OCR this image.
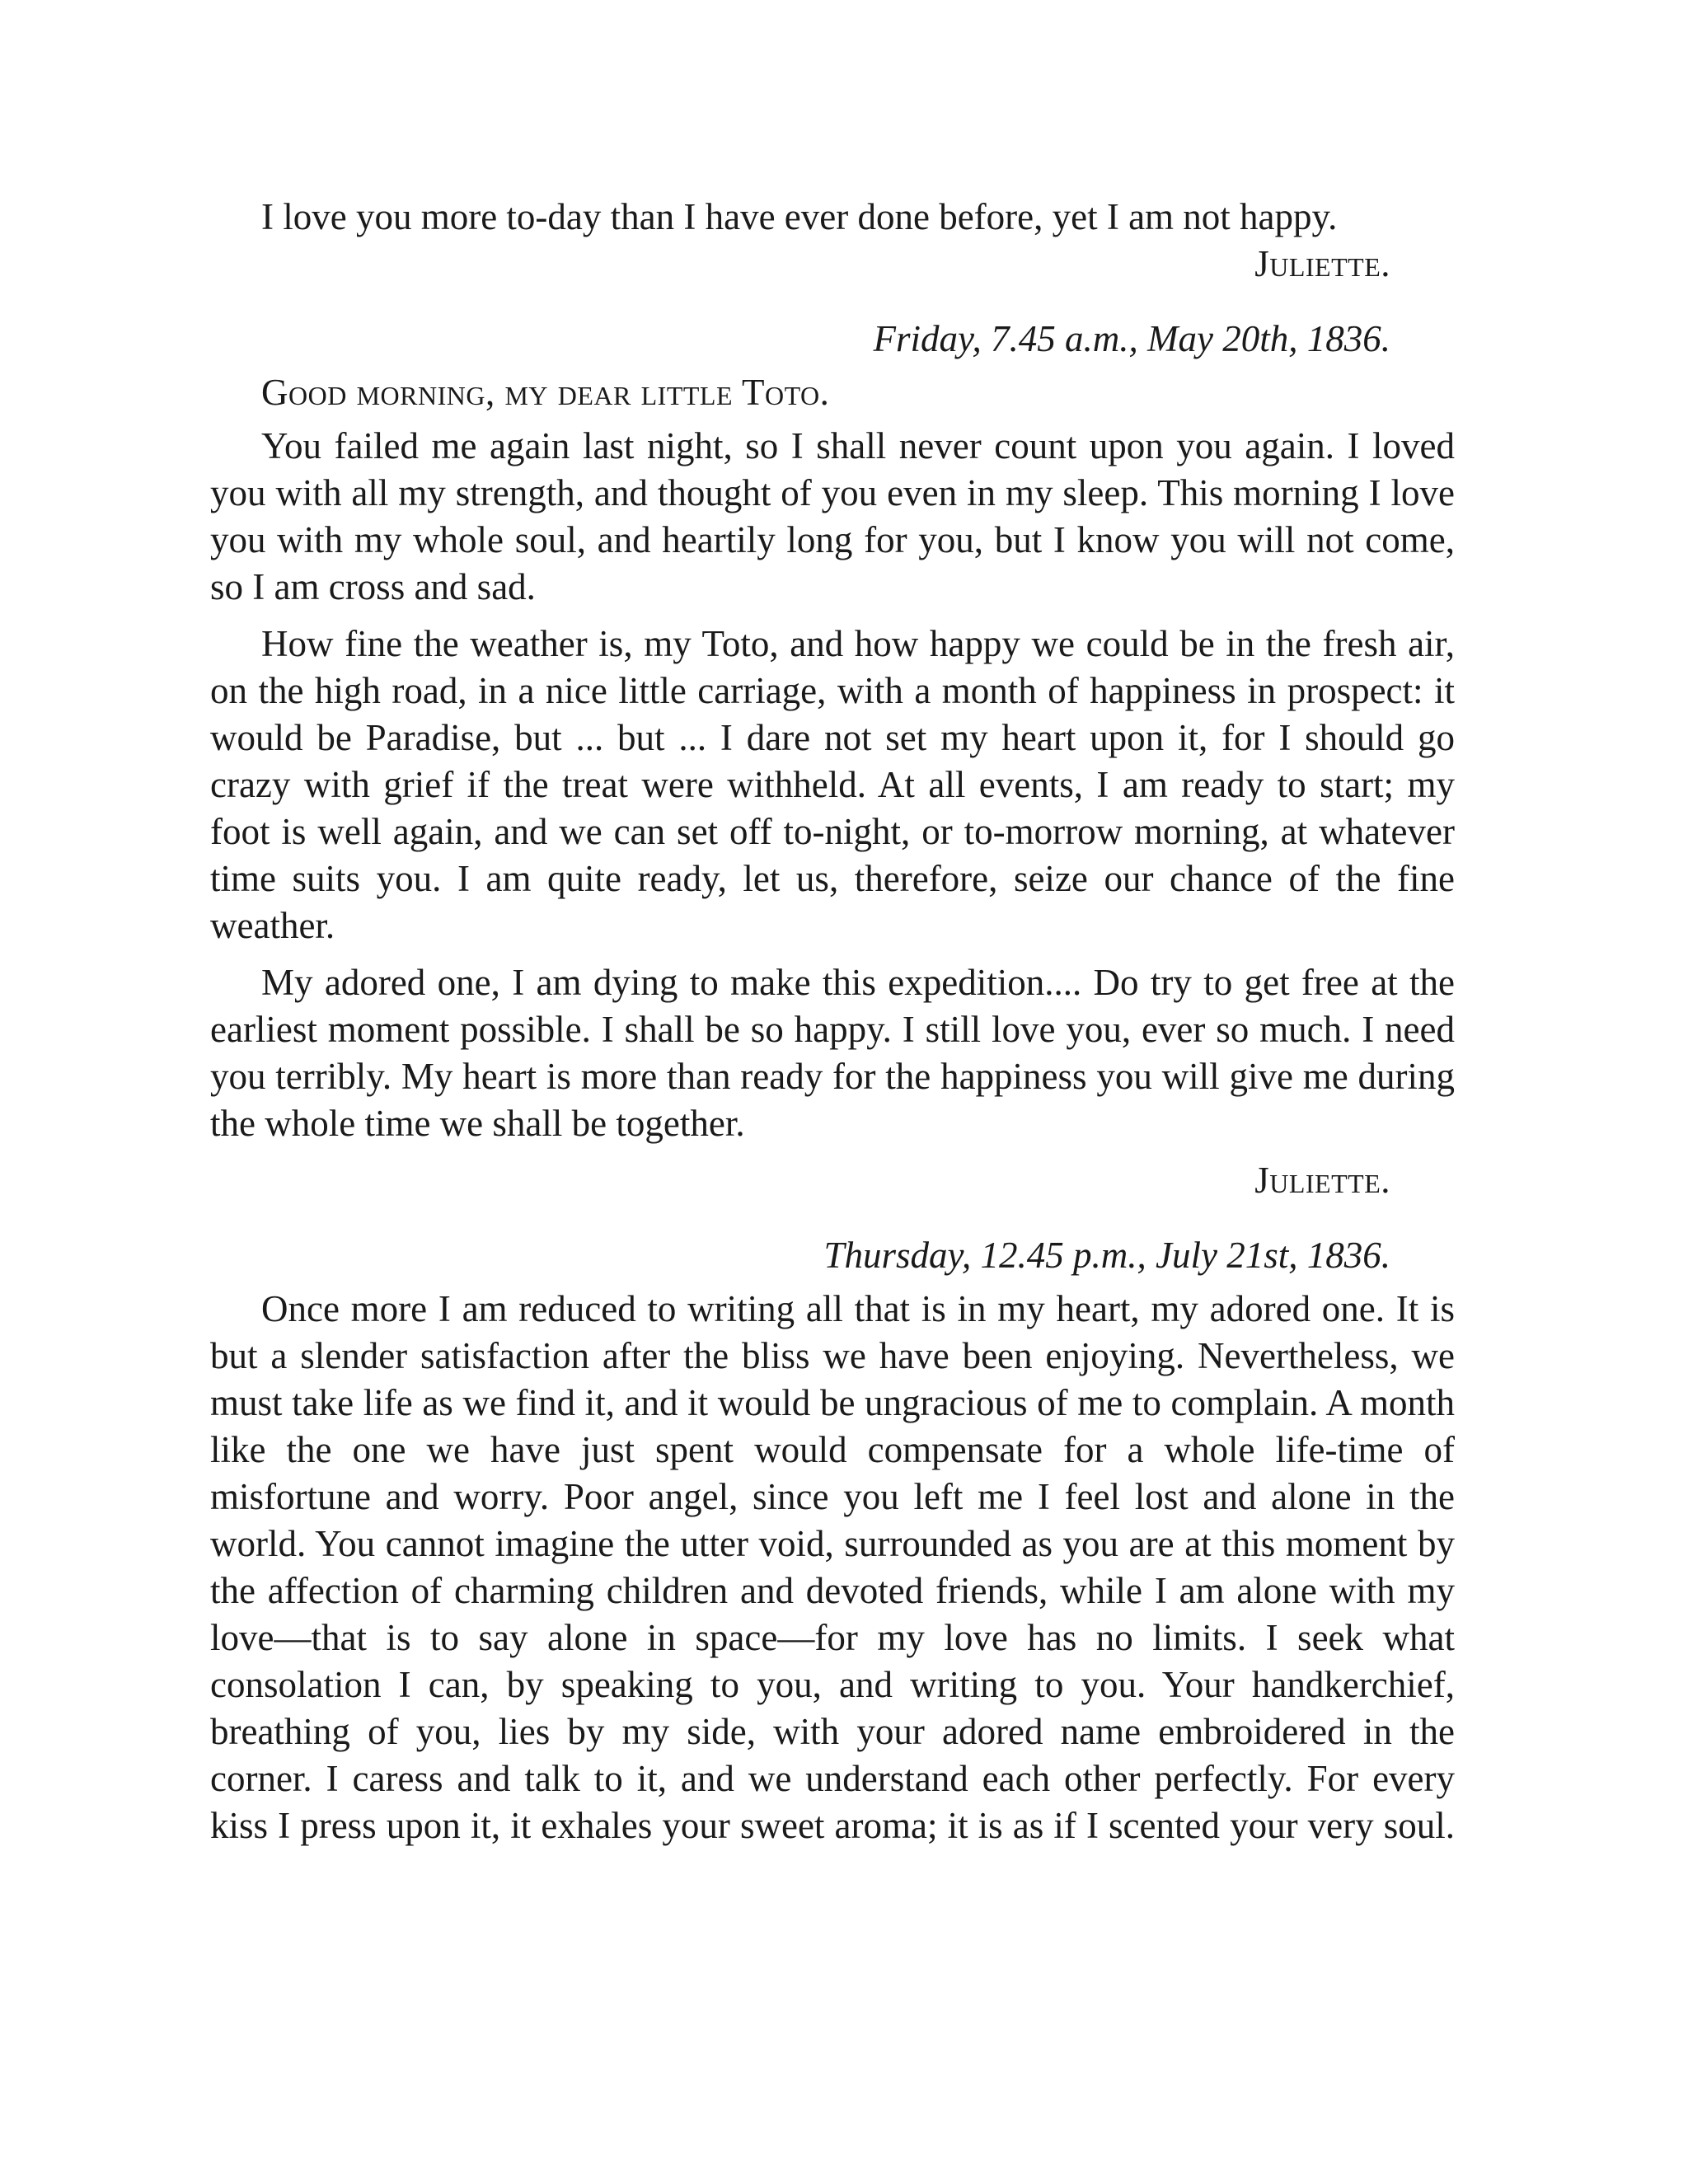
I love you more to-day than I have ever done before, yet I am not happy.

Juliette.

Friday, 7.45 a.m., May 20th, 1836.

Good morning, my dear little Toto.

You failed me again last night, so I shall never count upon you again. I loved you with all my strength, and thought of you even in my sleep. This morning I love you with my whole soul, and heartily long for you, but I know you will not come, so I am cross and sad.

How fine the weather is, my Toto, and how happy we could be in the fresh air, on the high road, in a nice little carriage, with a month of happiness in prospect: it would be Paradise, but ... but ... I dare not set my heart upon it, for I should go crazy with grief if the treat were withheld. At all events, I am ready to start; my foot is well again, and we can set off to-night, or to-morrow morning, at whatever time suits you. I am quite ready, let us, therefore, seize our chance of the fine weather.

My adored one, I am dying to make this expedition.... Do try to get free at the earliest moment possible. I shall be so happy. I still love you, ever so much. I need you terribly. My heart is more than ready for the happiness you will give me during the whole time we shall be together.

Juliette.

Thursday, 12.45 p.m., July 21st, 1836.

Once more I am reduced to writing all that is in my heart, my adored one. It is but a slender satisfaction after the bliss we have been enjoying. Nevertheless, we must take life as we find it, and it would be ungracious of me to complain. A month like the one we have just spent would compensate for a whole life-time of misfortune and worry. Poor angel, since you left me I feel lost and alone in the world. You cannot imagine the utter void, surrounded as you are at this moment by the affection of charming children and devoted friends, while I am alone with my love—that is to say alone in space—for my love has no limits. I seek what consolation I can, by speaking to you, and writing to you. Your handkerchief, breathing of you, lies by my side, with your adored name embroidered in the corner. I caress and talk to it, and we understand each other perfectly. For every kiss I press upon it, it exhales your sweet aroma; it is as if I scented your very soul.
